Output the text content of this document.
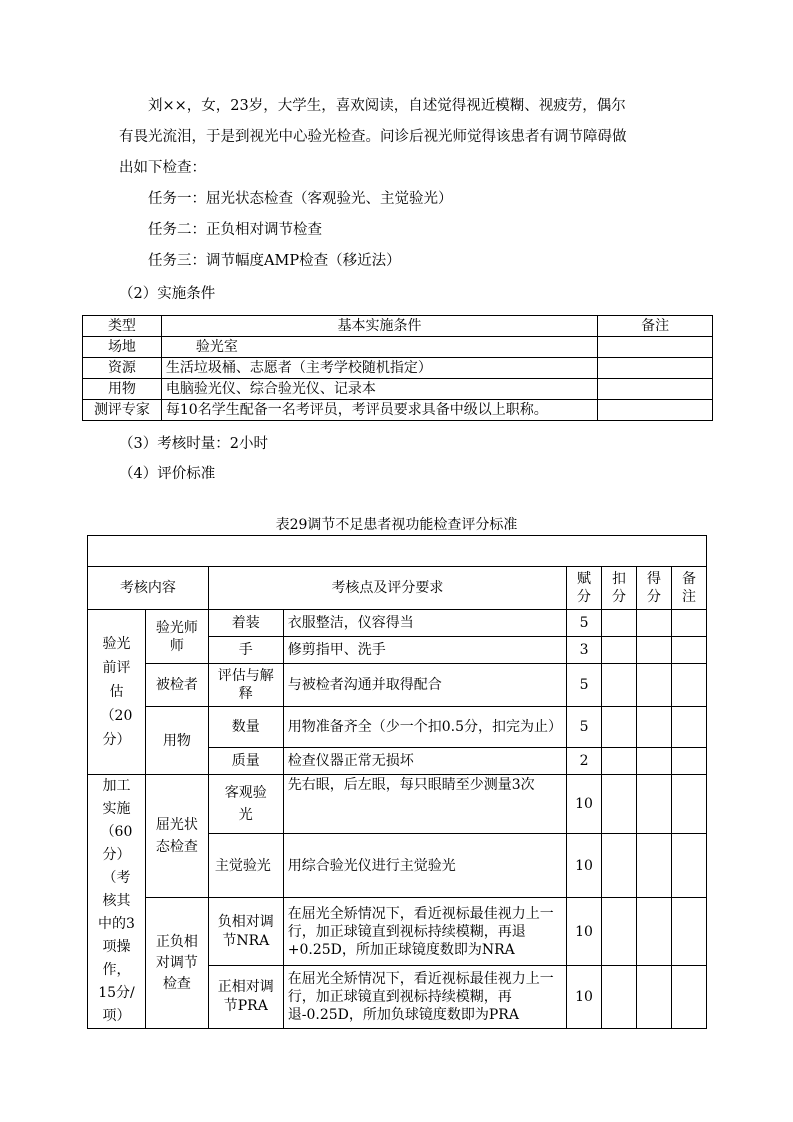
刘××，女，23岁，大学生，喜欢阅读，自述觉得视近模糊、视疲劳，偶尔
有畏光流泪，于是到视光中心验光检查。问诊后视光师觉得该患者有调节障碍做
出如下检查：
任务一：屈光状态检查（客观验光、主觉验光）
任务二：正负相对调节检查
任务三：调节幅度AMP检查（移近法）
（2）实施条件
类型	基本实施条件	备注
场地	验光室	
资源	生活垃圾桶、志愿者（主考学校随机指定）	
用物	电脑验光仪、综合验光仪、记录本	
测评专家	每10名学生配备一名考评员，考评员要求具备中级以上职称。	
（3）考核时量：2小时
（4）评价标准
表29调节不足患者视功能检查评分标准

考核内容		考核点及评分要求		赋分	扣分	得分	备注
验光前评估（20分）	验光师师	着装	衣服整洁，仪容得当	5			
		手	修剪指甲、洗手	3			
	被检者	评估与解释	与被检者沟通并取得配合	5			
	用物	数量	用物准备齐全（少一个扣0.5分，扣完为止）	5			
		质量	检查仪器正常无损坏	2			
加工实施（60分）（考核其中的3项操作，15分/项）	屈光状态检查	客观验光	先右眼，后左眼，每只眼睛至少测量3次	10			
		主觉验光	用综合验光仪进行主觉验光	10			
	正负相对调节检查	负相对调节NRA	在屈光全矫情况下，看近视标最佳视力上一行，加正球镜直到视标持续模糊，再退+0.25D，所加正球镜度数即为NRA	10			
		正相对调节PRA	在屈光全矫情况下，看近视标最佳视力上一行，加正球镜直到视标持续模糊，再退-0.25D，所加负球镜度数即为PRA	10			
